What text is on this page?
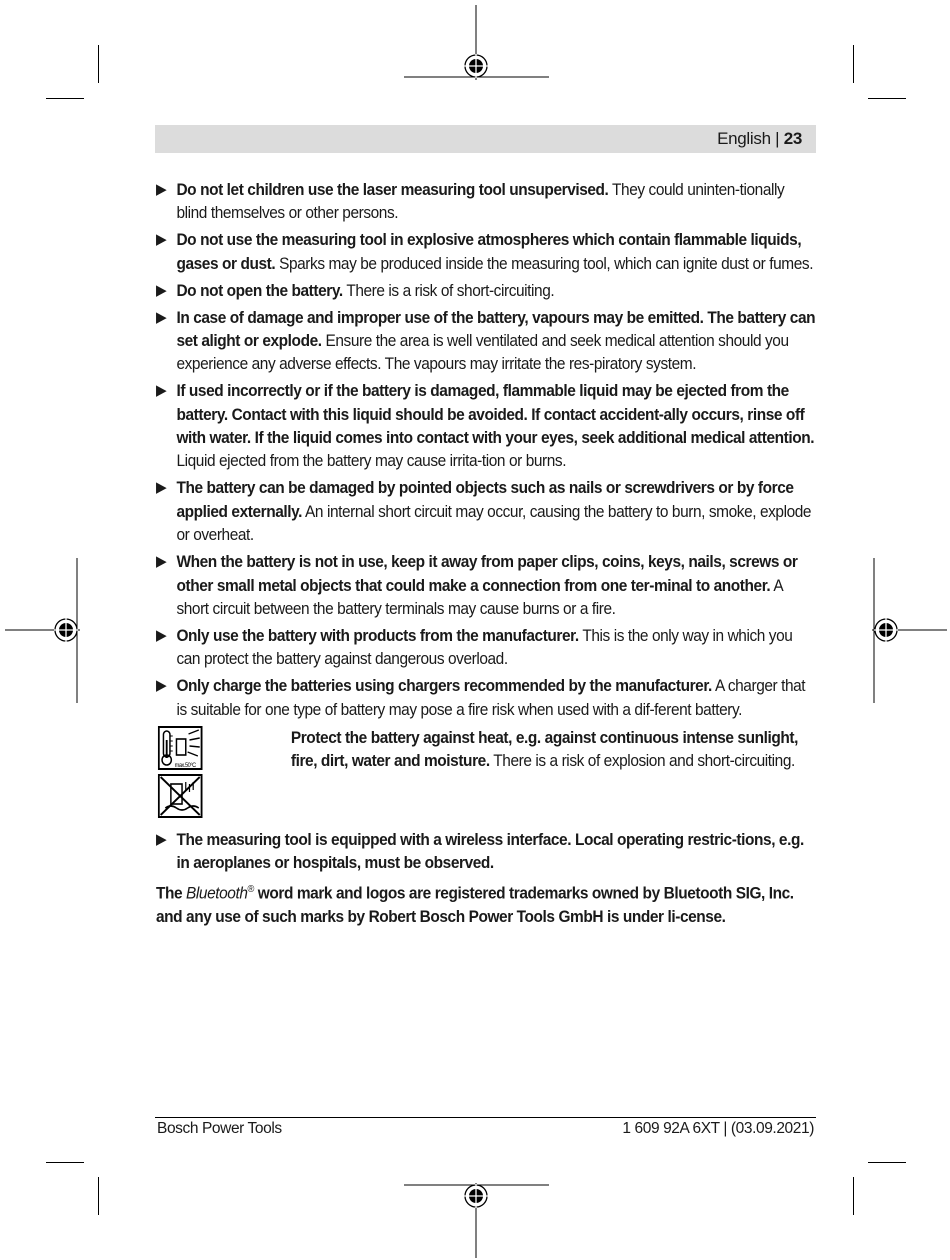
English | 23
▶ Do not let children use the laser measuring tool unsupervised. They could uninten-tionally blind themselves or other persons.
▶ Do not use the measuring tool in explosive atmospheres which contain flammable liquids, gases or dust. Sparks may be produced inside the measuring tool, which can ignite dust or fumes.
▶ Do not open the battery. There is a risk of short-circuiting.
▶ In case of damage and improper use of the battery, vapours may be emitted. The battery can set alight or explode. Ensure the area is well ventilated and seek medical attention should you experience any adverse effects. The vapours may irritate the res-piratory system.
▶ If used incorrectly or if the battery is damaged, flammable liquid may be ejected from the battery. Contact with this liquid should be avoided. If contact accident-ally occurs, rinse off with water. If the liquid comes into contact with your eyes, seek additional medical attention. Liquid ejected from the battery may cause irrita-tion or burns.
▶ The battery can be damaged by pointed objects such as nails or screwdrivers or by force applied externally. An internal short circuit may occur, causing the battery to burn, smoke, explode or overheat.
▶ When the battery is not in use, keep it away from paper clips, coins, keys, nails, screws or other small metal objects that could make a connection from one ter-minal to another. A short circuit between the battery terminals may cause burns or a fire.
▶ Only use the battery with products from the manufacturer. This is the only way in which you can protect the battery against dangerous overload.
▶ Only charge the batteries using chargers recommended by the manufacturer. A charger that is suitable for one type of battery may pose a fire risk when used with a dif-ferent battery.
max.50°C
Protect the battery against heat, e.g. against continuous intense sunlight, fire, dirt, water and moisture. There is a risk of explosion and short-circuiting.
▶ The measuring tool is equipped with a wireless interface. Local operating restric-tions, e.g. in aeroplanes or hospitals, must be observed.
The Bluetooth® word mark and logos are registered trademarks owned by Bluetooth SIG, Inc. and any use of such marks by Robert Bosch Power Tools GmbH is under li-cense.
Bosch Power Tools	1 609 92A 6XT | (03.09.2021)
